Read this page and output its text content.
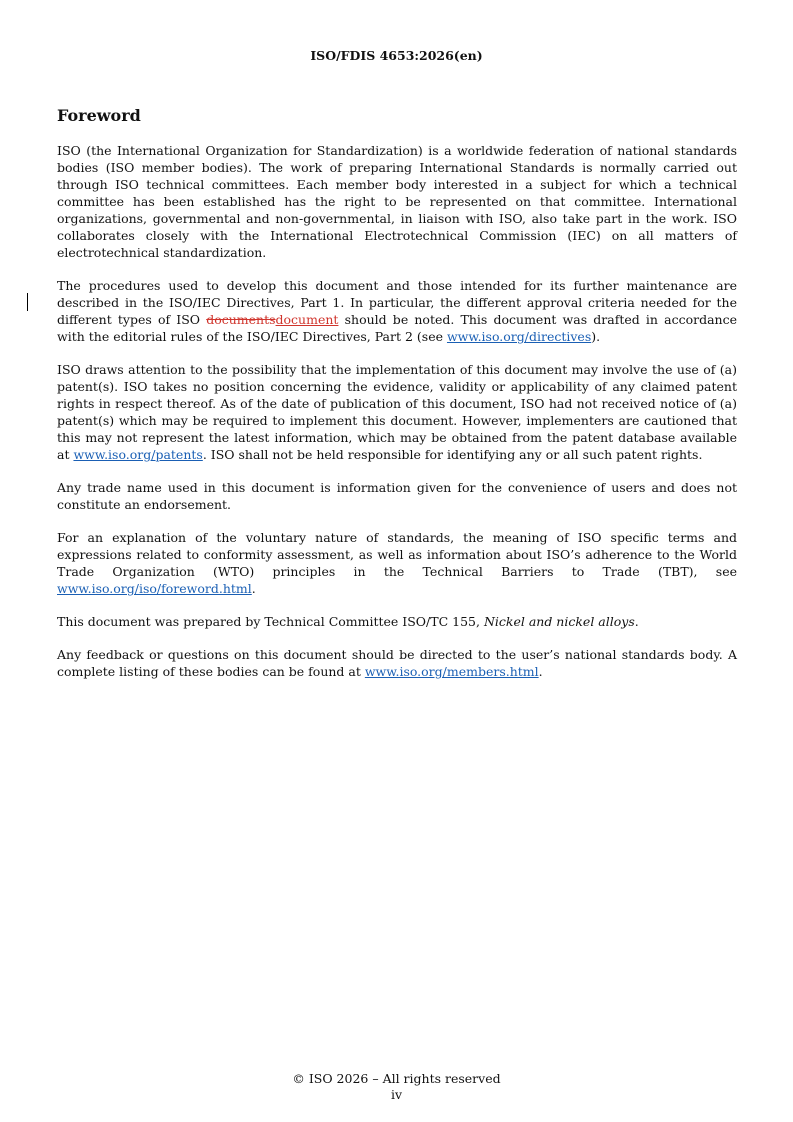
ISO/FDIS 4653:2026(en)
Foreword

ISO (the International Organization for Standardization) is a worldwide federation of national standards bodies (ISO member bodies). The work of preparing International Standards is normally carried out through ISO technical committees. Each member body interested in a subject for which a technical committee has been established has the right to be represented on that committee. International organizations, governmental and non-governmental, in liaison with ISO, also take part in the work. ISO collaborates closely with the International Electrotechnical Commission (IEC) on all matters of electrotechnical standardization.

The procedures used to develop this document and those intended for its further maintenance are described in the ISO/IEC Directives, Part 1. In particular, the different approval criteria needed for the different types of ISO documentsdocument should be noted. This document was drafted in accordance with the editorial rules of the ISO/IEC Directives, Part 2 (see www.iso.org/directives).

ISO draws attention to the possibility that the implementation of this document may involve the use of (a) patent(s). ISO takes no position concerning the evidence, validity or applicability of any claimed patent rights in respect thereof. As of the date of publication of this document, ISO had not received notice of (a) patent(s) which may be required to implement this document. However, implementers are cautioned that this may not represent the latest information, which may be obtained from the patent database available at www.iso.org/patents. ISO shall not be held responsible for identifying any or all such patent rights.

Any trade name used in this document is information given for the convenience of users and does not constitute an endorsement.

For an explanation of the voluntary nature of standards, the meaning of ISO specific terms and expressions related to conformity assessment, as well as information about ISO’s adherence to the World Trade Organization (WTO) principles in the Technical Barriers to Trade (TBT), see www.iso.org/iso/foreword.html.

This document was prepared by Technical Committee ISO/TC 155, Nickel and nickel alloys.

Any feedback or questions on this document should be directed to the user’s national standards body. A complete listing of these bodies can be found at www.iso.org/members.html.

© ISO 2026 – All rights reserved
iv
